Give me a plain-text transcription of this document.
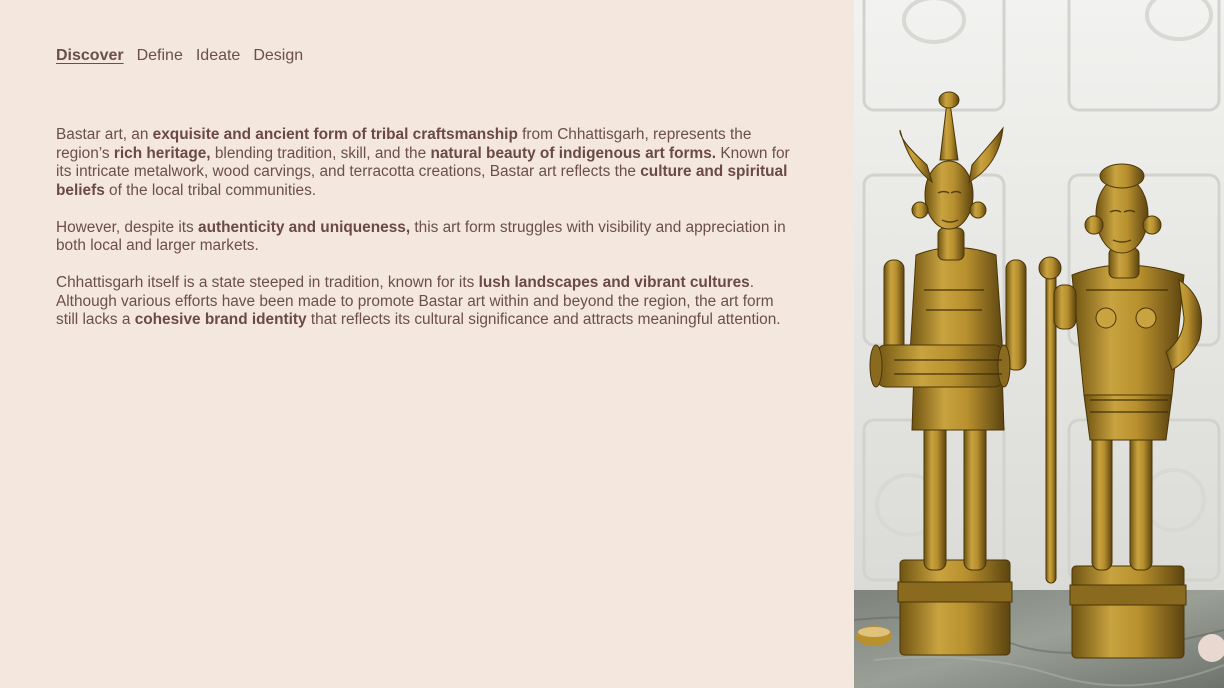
Discover Define Ideate Design

Bastar art, an exquisite and ancient form of tribal craftsmanship from Chhattisgarh, represents the region’s rich heritage, blending tradition, skill, and the natural beauty of indigenous art forms. Known for its intricate metalwork, wood carvings, and terracotta creations, Bastar art reflects the culture and spiritual beliefs of the local tribal communities.

However, despite its authenticity and uniqueness, this art form struggles with visibility and appreciation in both local and larger markets.

Chhattisgarh itself is a state steeped in tradition, known for its lush landscapes and vibrant cultures. Although various efforts have been made to promote Bastar art within and beyond the region, the art form still lacks a cohesive brand identity that reflects its cultural significance and attracts meaningful attention.
